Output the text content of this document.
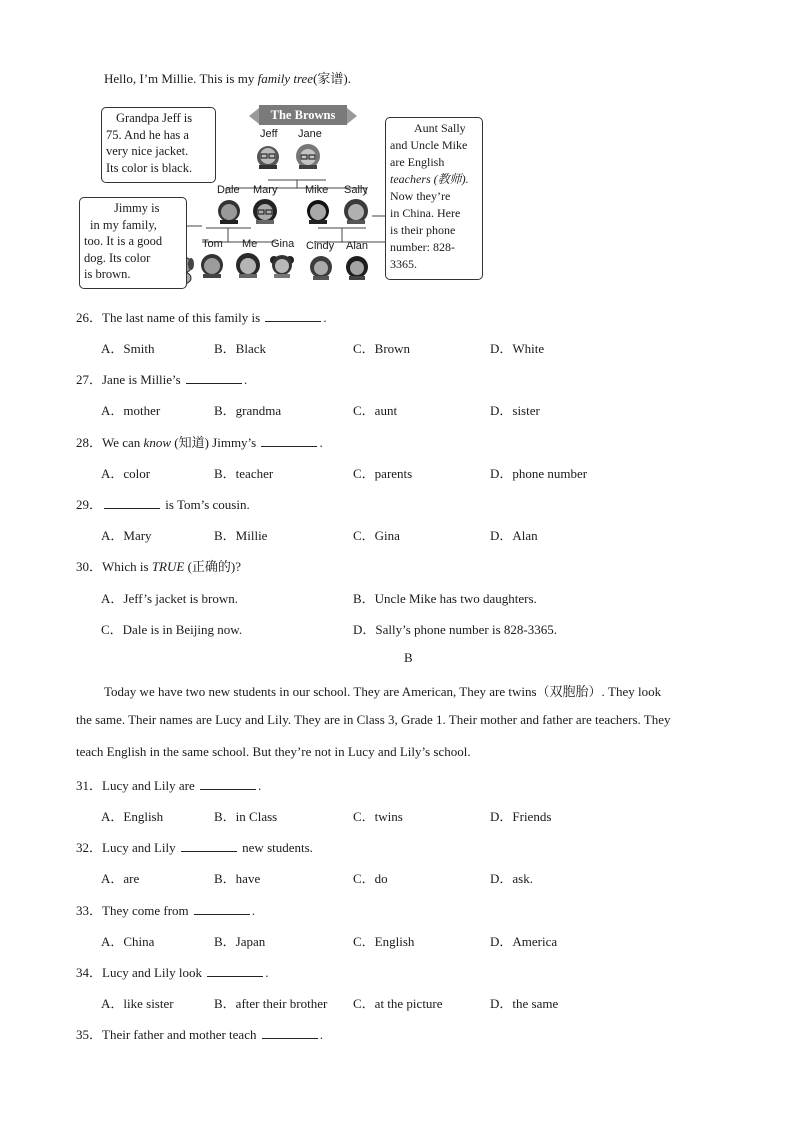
Hello, I’m Millie. This is my family tree(家谱).
The Browns
Jeff Jane
Dale Mary	Mike Sally
Tom Me Gina Cindy Alan
Grandpa Jeff is
75. And he has a
very nice jacket.
Its color is black.
Jimmy is
in my family,
too. It is a good
dog. Its color
is brown.
Aunt Sally
and Uncle Mike
are English
teachers (教师).
Now they’re
in China. Here
is their phone
number: 828-
3365.
26．The last name of this family is	.
A．Smith	B．Black	C．Brown	D．White
27．Jane is Millie’s	.
A．mother	B．grandma	C．aunt	D．sister
28．We can know (知道) Jimmy’s	.
A．color	B．teacher	C．parents	D．phone number
29．	is Tom’s cousin.
A．Mary	B．Millie	C．Gina	D．Alan
30．Which is TRUE (正确的)?
A．Jeff’s jacket is brown.	B．Uncle Mike has two daughters.
C．Dale is in Beijing now.	D．Sally’s phone number is 828-3365.
B
Today we have two new students in our school. They are American, They are twins（双胞胎）. They look
the same. Their names are Lucy and Lily. They are in Class 3, Grade 1. Their mother and father are teachers. They
teach English in the same school. But they’re not in Lucy and Lily’s school.
31．Lucy and Lily are	.
A．English	B．in Class	C．twins	D．Friends
32．Lucy and Lily	new students.
A．are	B．have	C．do	D．ask.
33．They come from	.
A．China	B．Japan	C．English	D．America
34．Lucy and Lily look	.
A．like sister	B．after their brother C．at the picture	D．the same
35．Their father and mother teach	.
